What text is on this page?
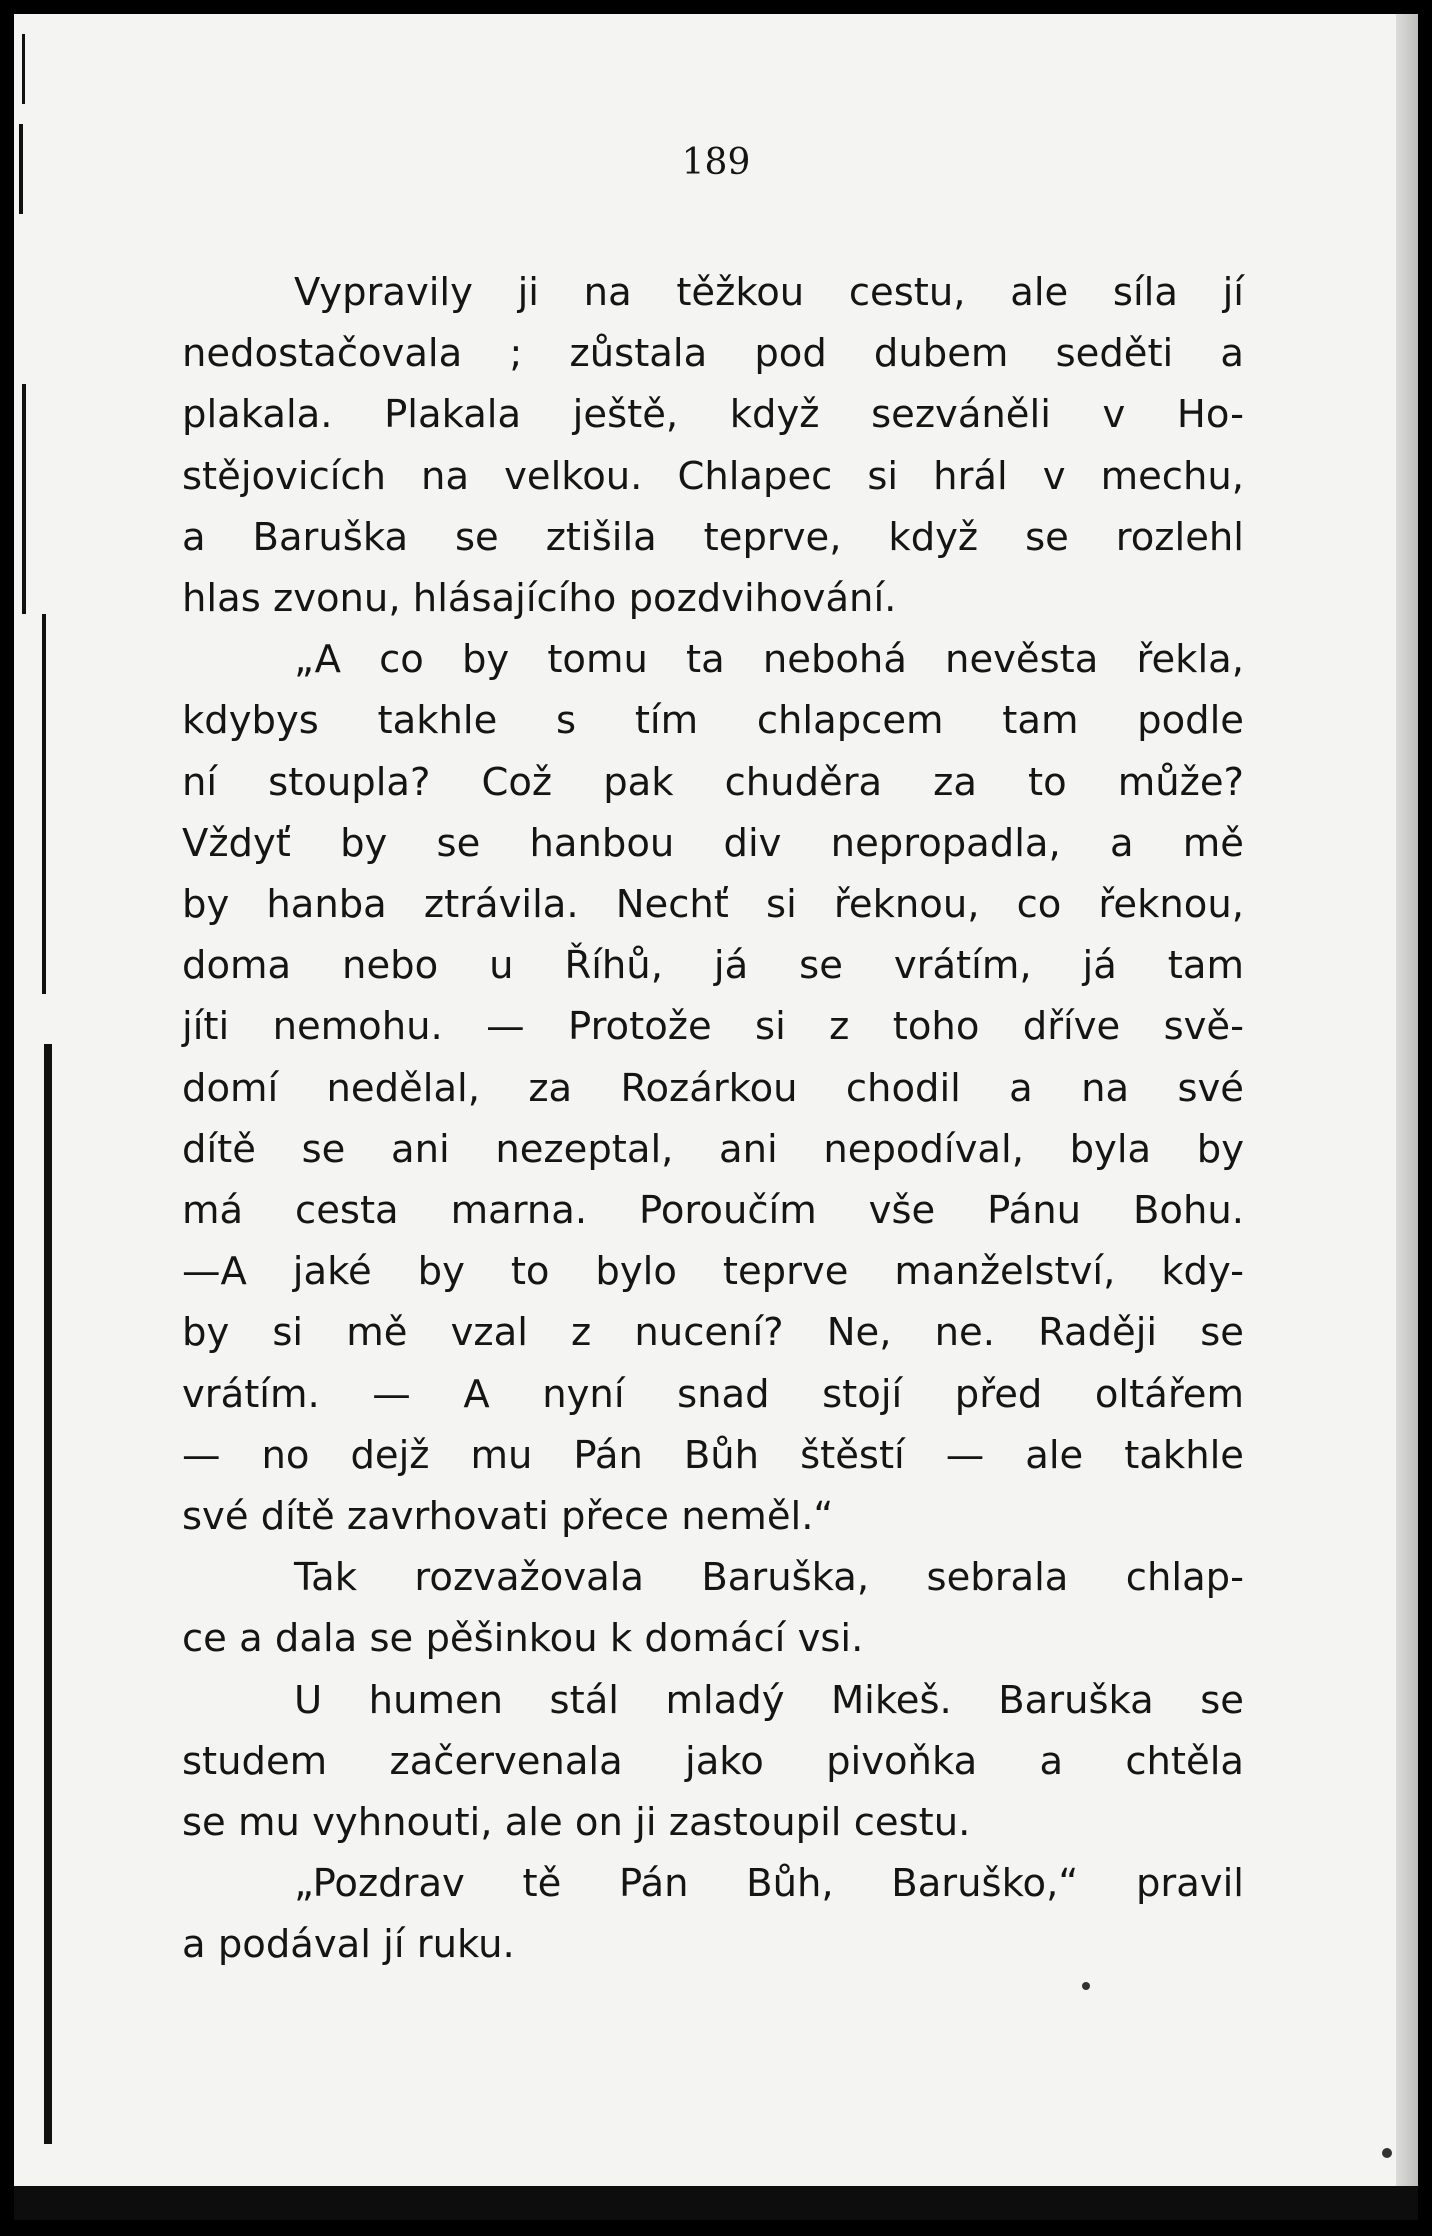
189
Vypravily ji na těžkou cestu, ale síla jí
nedostačovala ; zůstala pod dubem seděti a
plakala. Plakala ještě, když sezváněli v Ho-
stějovicích na velkou. Chlapec si hrál v mechu,
a Baruška se ztišila teprve, když se rozlehl
hlas zvonu, hlásajícího pozdvihování.
„A co by tomu ta nebohá nevěsta řekla,
kdybys takhle s tím chlapcem tam podle
ní stoupla? Což pak chuděra za to může?
Vždyť by se hanbou div nepropadla, a mě
by hanba ztrávila. Nechť si řeknou, co řeknou,
doma nebo u Říhů, já se vrátím, já tam
jíti nemohu. — Protože si z toho dříve svě-
domí nedělal, za Rozárkou chodil a na své
dítě se ani nezeptal, ani nepodíval, byla by
má cesta marna. Poroučím vše Pánu Bohu.
—A jaké by to bylo teprve manželství, kdy-
by si mě vzal z nucení? Ne, ne. Raději se
vrátím. — A nyní snad stojí před oltářem
— no dejž mu Pán Bůh štěstí — ale takhle
své dítě zavrhovati přece neměl.“
Tak rozvažovala Baruška, sebrala chlap-
ce a dala se pěšinkou k domácí vsi.
U humen stál mladý Mikeš. Baruška se
studem začervenala jako pivoňka a chtěla
se mu vyhnouti, ale on ji zastoupil cestu.
„Pozdrav tě Pán Bůh, Baruško,“ pravil
a podával jí ruku.
